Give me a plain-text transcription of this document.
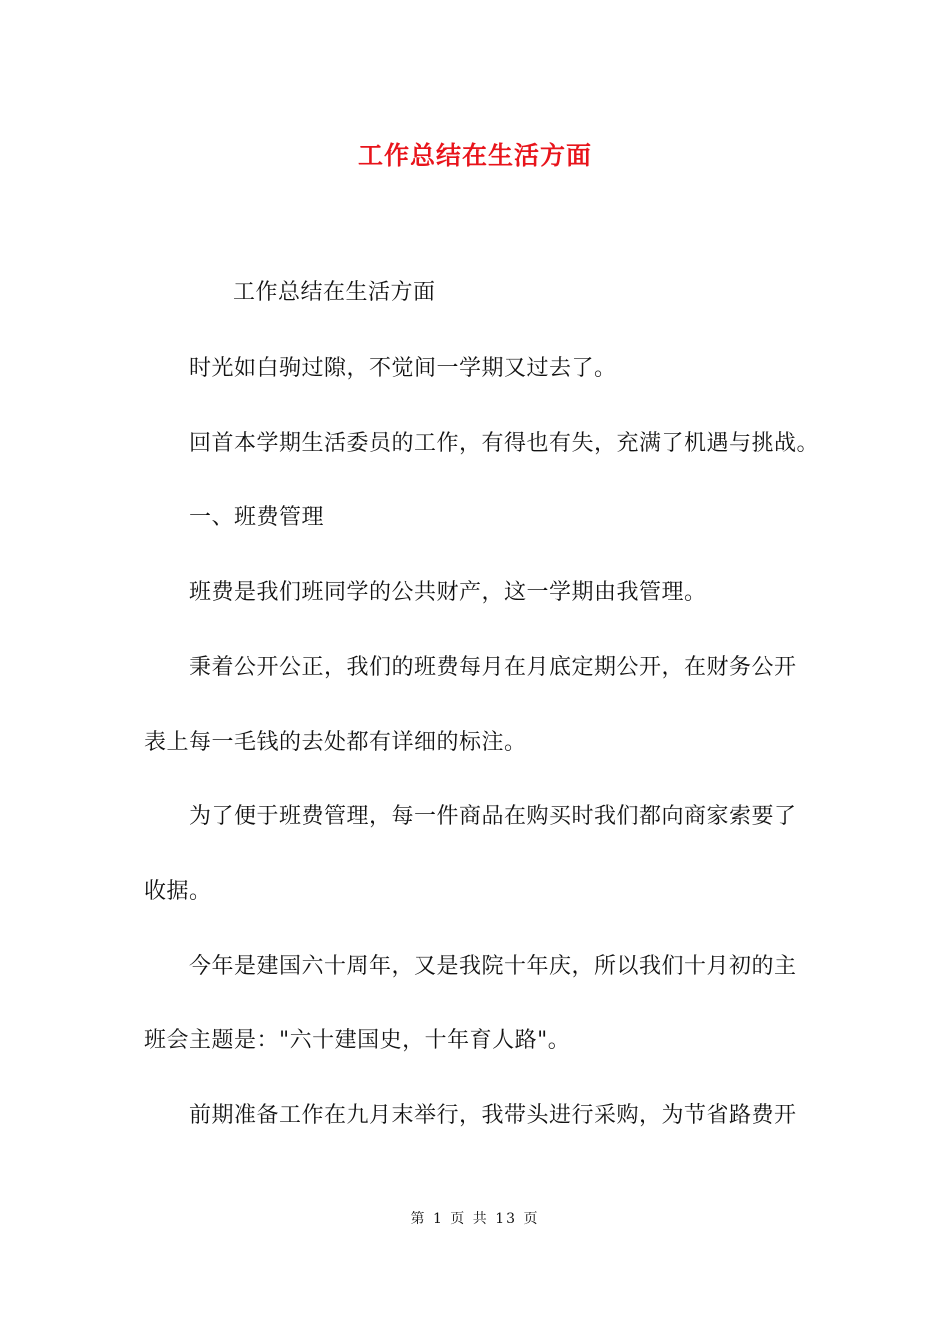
工作总结在生活方面
工作总结在生活方面
时光如白驹过隙，不觉间一学期又过去了。
回首本学期生活委员的工作，有得也有失，充满了机遇与挑战。
一、班费管理
班费是我们班同学的公共财产，这一学期由我管理。
秉着公开公正，我们的班费每月在月底定期公开，在财务公开
表上每一毛钱的去处都有详细的标注。
为了便于班费管理，每一件商品在购买时我们都向商家索要了
收据。
今年是建国六十周年，又是我院十年庆，所以我们十月初的主
班会主题是："六十建国史，十年育人路"。
前期准备工作在九月末举行，我带头进行采购，为节省路费开
第 1 页 共 13 页
